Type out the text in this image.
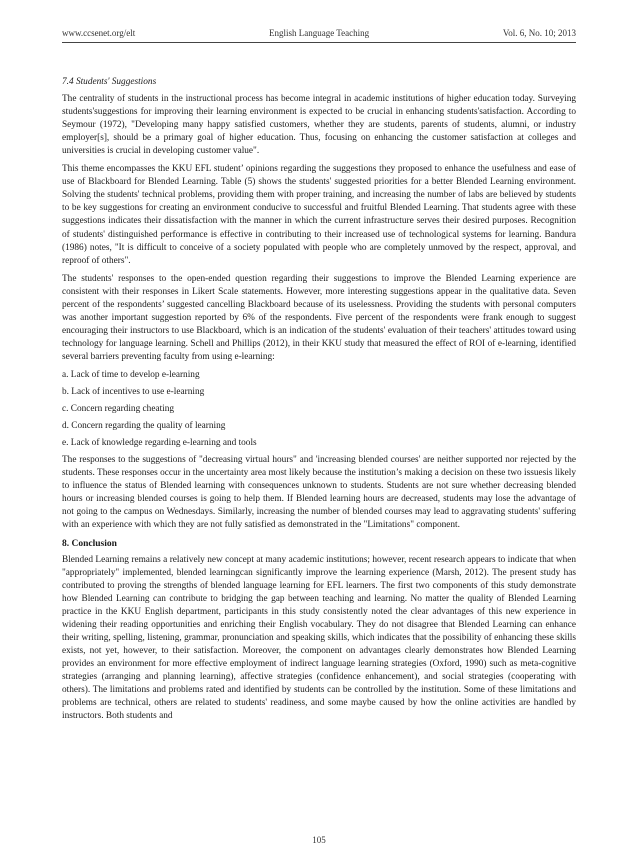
www.ccsenet.org/elt	English Language Teaching	Vol. 6, No. 10; 2013
7.4 Students' Suggestions

The centrality of students in the instructional process has become integral in academic institutions of higher education today. Surveying students'suggestions for improving their learning environment is expected to be crucial in enhancing students'satisfaction. According to Seymour (1972), "Developing many happy satisfied customers, whether they are students, parents of students, alumni, or industry employer[s], should be a primary goal of higher education. Thus, focusing on enhancing the customer satisfaction at colleges and universities is crucial in developing customer value".

This theme encompasses the KKU EFL student’ opinions regarding the suggestions they proposed to enhance the usefulness and ease of use of Blackboard for Blended Learning. Table (5) shows the students' suggested priorities for a better Blended Learning environment. Solving the students' technical problems, providing them with proper training, and increasing the number of labs are believed by students to be key suggestions for creating an environment conducive to successful and fruitful Blended Learning. That students agree with these suggestions indicates their dissatisfaction with the manner in which the current infrastructure serves their desired purposes. Recognition of students' distinguished performance is effective in contributing to their increased use of technological systems for learning. Bandura (1986) notes, "It is difficult to conceive of a society populated with people who are completely unmoved by the respect, approval, and reproof of others".

The students' responses to the open-ended question regarding their suggestions to improve the Blended Learning experience are consistent with their responses in Likert Scale statements. However, more interesting suggestions appear in the qualitative data. Seven percent of the respondents’ suggested cancelling Blackboard because of its uselessness. Providing the students with personal computers was another important suggestion reported by 6% of the respondents. Five percent of the respondents were frank enough to suggest encouraging their instructors to use Blackboard, which is an indication of the students' evaluation of their teachers' attitudes toward using technology for language learning. Schell and Phillips (2012), in their KKU study that measured the effect of ROI of e-learning, identified several barriers preventing faculty from using e-learning:

a. Lack of time to develop e-learning
b. Lack of incentives to use e-learning
c. Concern regarding cheating
d. Concern regarding the quality of learning
e. Lack of knowledge regarding e-learning and tools

The responses to the suggestions of "decreasing virtual hours" and 'increasing blended courses' are neither supported nor rejected by the students. These responses occur in the uncertainty area most likely because the institution’s making a decision on these two issuesis likely to influence the status of Blended learning with consequences unknown to students. Students are not sure whether decreasing blended hours or increasing blended courses is going to help them. If Blended learning hours are decreased, students may lose the advantage of not going to the campus on Wednesdays. Similarly, increasing the number of blended courses may lead to aggravating students' suffering with an experience with which they are not fully satisfied as demonstrated in the "Limitations" component.

8. Conclusion

Blended Learning remains a relatively new concept at many academic institutions; however, recent research appears to indicate that when "appropriately" implemented, blended learningcan significantly improve the learning experience (Marsh, 2012). The present study has contributed to proving the strengths of blended language learning for EFL learners. The first two components of this study demonstrate how Blended Learning can contribute to bridging the gap between teaching and learning. No matter the quality of Blended Learning practice in the KKU English department, participants in this study consistently noted the clear advantages of this new experience in widening their reading opportunities and enriching their English vocabulary. They do not disagree that Blended Learning can enhance their writing, spelling, listening, grammar, pronunciation and speaking skills, which indicates that the possibility of enhancing these skills exists, not yet, however, to their satisfaction. Moreover, the component on advantages clearly demonstrates how Blended Learning provides an environment for more effective employment of indirect language learning strategies (Oxford, 1990) such as meta-cognitive strategies (arranging and planning learning), affective strategies (confidence enhancement), and social strategies (cooperating with others). The limitations and problems rated and identified by students can be controlled by the institution. Some of these limitations and problems are technical, others are related to students' readiness, and some maybe caused by how the online activities are handled by instructors. Both students and

105
